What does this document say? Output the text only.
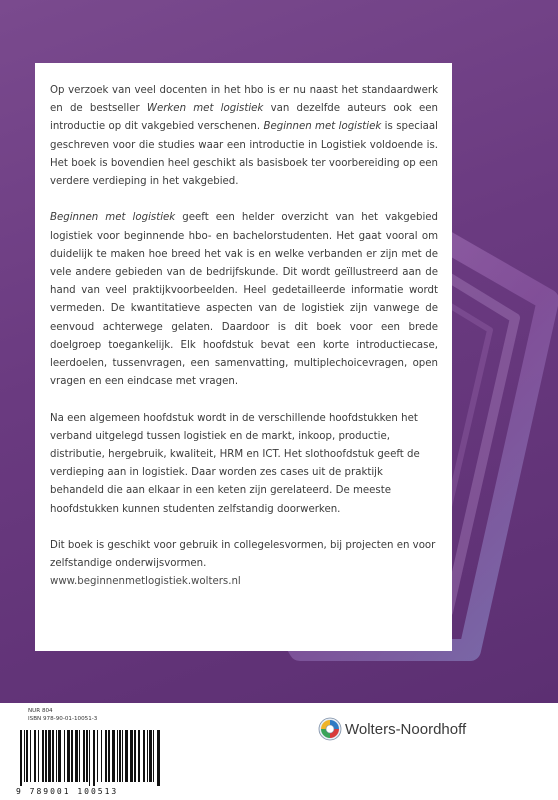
Op verzoek van veel docenten in het hbo is er nu naast het standaardwerk en de bestseller Werken met logistiek van dezelfde auteurs ook een introductie op dit vakgebied verschenen. Beginnen met logistiek is speciaal geschreven voor die studies waar een introductie in Logistiek voldoende is. Het boek is bovendien heel geschikt als basisboek ter voorbereiding op een verdere verdieping in het vakgebied.

Beginnen met logistiek geeft een helder overzicht van het vakgebied logistiek voor beginnende hbo- en bachelorstudenten. Het gaat vooral om duidelijk te maken hoe breed het vak is en welke verbanden er zijn met de vele andere gebieden van de bedrijfskunde. Dit wordt geïllustreerd aan de hand van veel praktijkvoorbeelden. Heel gedetailleerde informatie wordt vermeden. De kwantitatieve aspecten van de logistiek zijn vanwege de eenvoud achterwege gelaten. Daardoor is dit boek voor een brede doelgroep toegankelijk. Elk hoofdstuk bevat een korte introductiecase, leerdoelen, tussenvragen, een samenvatting, multiplechoicevragen, open vragen en een eindcase met vragen.

Na een algemeen hoofdstuk wordt in de verschillende hoofdstukken het verband uitgelegd tussen logistiek en de markt, inkoop, productie, distributie, hergebruik, kwaliteit, HRM en ICT. Het slothoofdstuk geeft de verdieping aan in logistiek. Daar worden zes cases uit de praktijk behandeld die aan elkaar in een keten zijn gerelateerd. De meeste hoofdstukken kunnen studenten zelfstandig doorwerken.

Dit boek is geschikt voor gebruik in collegelesvormen, bij projecten en voor zelfstandige onderwijsvormen.

www.beginnenmetlogistiek.wolters.nl

NUR 804
ISBN 978-90-01-10051-3
9 789001 100513
Wolters-Noordhoff
